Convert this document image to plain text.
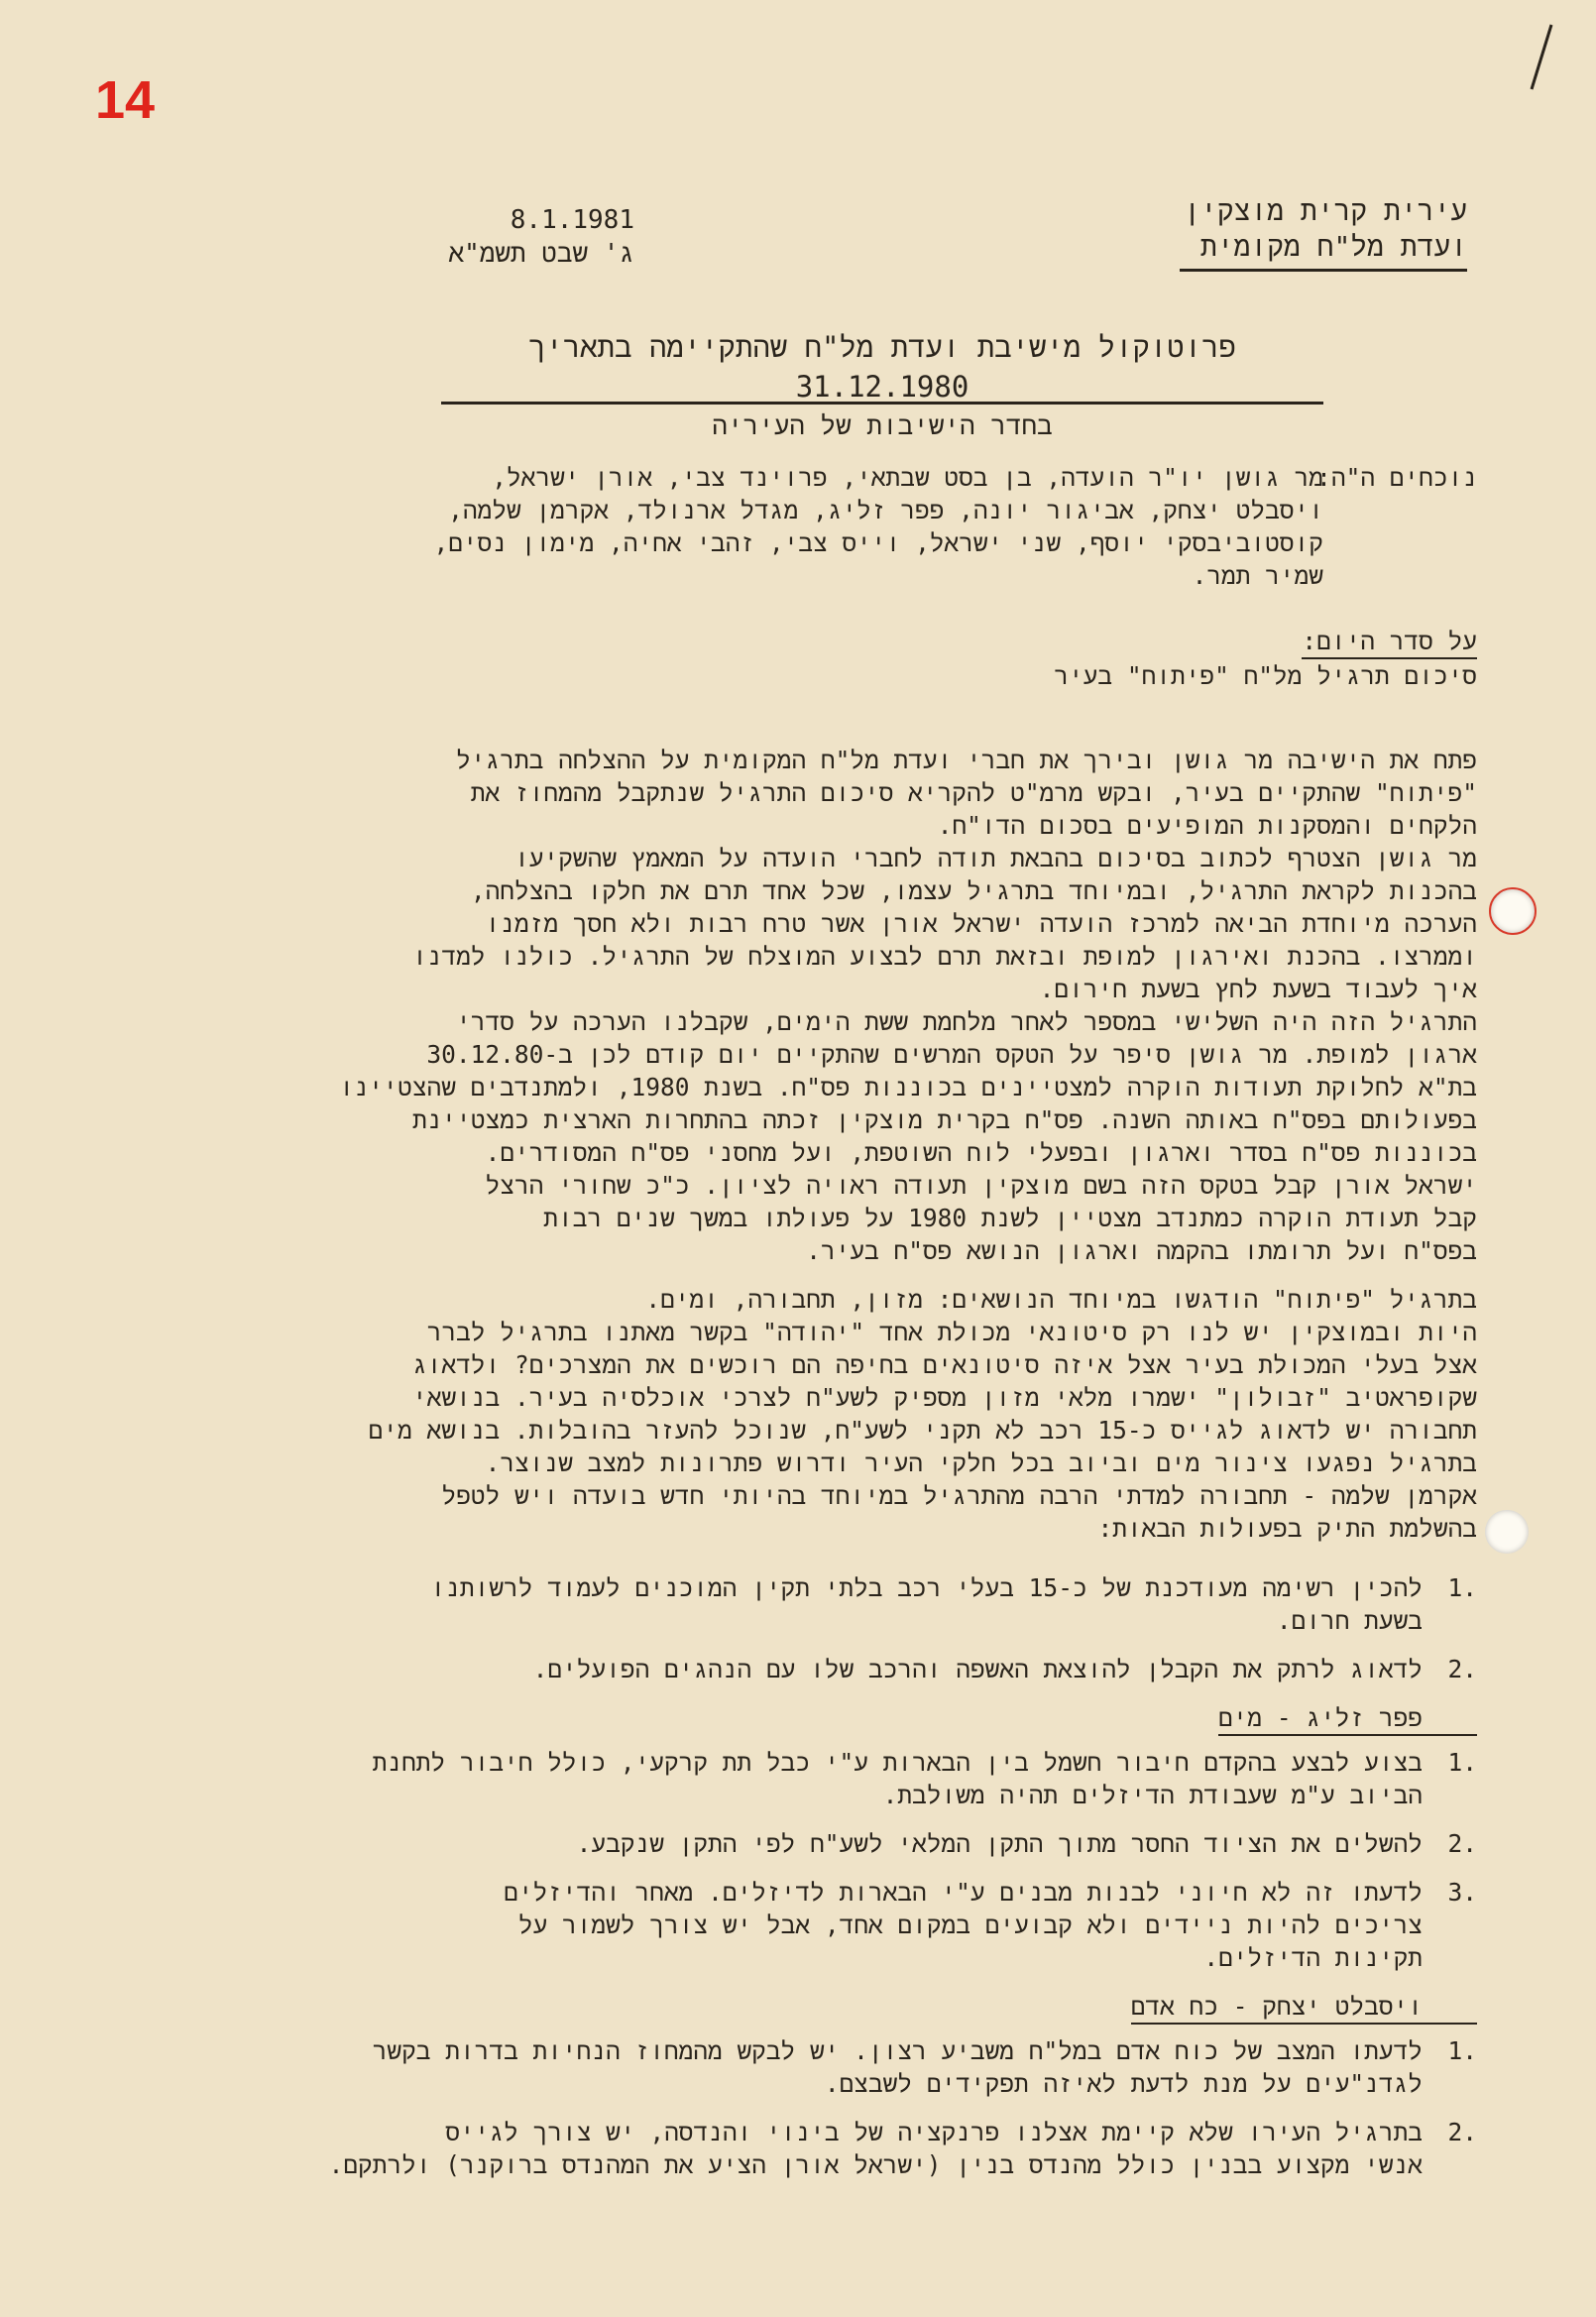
14
8.1.1981
ג' שבט תשמ"א
עירית קרית מוצקין
ועדת מל"ח מקומית
פרוטוקול מישיבת ועדת מל"ח שהתקיימה בתאריך 31.12.1980
בחדר הישיבות של העיריה
נוכחים ה"ה:
מר גושן יו"ר הועדה, בן בסט שבתאי, פרוינד צבי, אורן ישראל,
ויסבלט יצחק, אביגור יונה, פפר זליג, מגדל ארנולד, אקרמן שלמה,
קוסטוביבסקי יוסף, שני ישראל, וייס צבי, זהבי אחיה, מימון נסים,
שמיר תמר.
על סדר היום:
סיכום תרגיל מל"ח "פיתוח" בעיר
פתח את הישיבה מר גושן ובירך את חברי ועדת מל"ח המקומית על ההצלחה בתרגיל
"פיתוח" שהתקיים בעיר, ובקש מרמ"ט להקריא סיכום התרגיל שנתקבל מהמחוז את
הלקחים והמסקנות המופיעים בסכום הדו"ח.
מר גושן הצטרף לכתוב בסיכום בהבאת תודה לחברי הועדה על המאמץ שהשקיעו
בהכנות לקראת התרגיל, ובמיוחד בתרגיל עצמו, שכל אחד תרם את חלקו בהצלחה,
הערכה מיוחדת הביאה למרכז הועדה ישראל אורן אשר טרח רבות ולא חסך מזמנו
וממרצו. בהכנת ואירגון למופת ובזאת תרם לבצוע המוצלח של התרגיל. כולנו למדנו
איך לעבוד בשעת לחץ בשעת חירום.
התרגיל הזה היה השלישי במספר לאחר מלחמת ששת הימים, שקבלנו הערכה על סדרי
ארגון למופת. מר גושן סיפר על הטקס המרשים שהתקיים יום קודם לכן ב-30.12.80
בת"א לחלוקת תעודות הוקרה למצטיינים בכוננות פס"ח. בשנת 1980, ולמתנדבים שהצטיינו
בפעולותם בפס"ח באותה השנה. פס"ח בקרית מוצקין זכתה בהתחרות הארצית כמצטיינת
בכוננות פס"ח בסדר וארגון ובפעלי לוח השוטפת, ועל מחסני פס"ח המסודרים.
ישראל אורן קבל בטקס הזה בשם מוצקין תעודה ראויה לציון. כ"כ שחורי הרצל
קבל תעודת הוקרה כמתנדב מצטיין לשנת 1980 על פעולתו במשך שנים רבות
בפס"ח ועל תרומתו בהקמה וארגון הנושא פס"ח בעיר.
בתרגיל "פיתוח" הודגשו במיוחד הנושאים: מזון, תחבורה, ומים.
היות ובמוצקין יש לנו רק סיטונאי מכולת אחד "יהודה" בקשר מאתנו בתרגיל לברר
אצל בעלי המכולת בעיר אצל איזה סיטונאים בחיפה הם רוכשים את המצרכים? ולדאוג
שקופראטיב "זבולון" ישמרו מלאי מזון מספיק לשע"ח לצרכי אוכלסיה בעיר. בנושאי
תחבורה יש לדאוג לגייס כ-15 רכב לא תקני לשע"ח, שנוכל להעזר בהובלות. בנושא מים
בתרגיל נפגעו צינור מים וביוב בכל חלקי העיר ודרוש פתרונות למצב שנוצר.
אקרמן שלמה - תחבורה למדתי הרבה מהתרגיל במיוחד בהיותי חדש בועדה ויש לטפל
בהשלמת התיק בפעולות הבאות:
.1
להכין רשימה מעודכנת של כ-15 בעלי רכב בלתי תקין המוכנים לעמוד לרשותנו
בשעת חרום.
.2
לדאוג לרתק את הקבלן להוצאת האשפה והרכב שלו עם הנהגים הפועלים.
פפר זליג - מים
.1
בצוע לבצע בהקדם חיבור חשמל בין הבארות ע"י כבל תת קרקעי, כולל חיבור לתחנת
הביוב ע"מ שעבודת הדיזלים תהיה משולבת.
.2
להשלים את הציוד החסר מתוך התקן המלאי לשע"ח לפי התקן שנקבע.
.3
לדעתו זה לא חיוני לבנות מבנים ע"י הבארות לדיזלים. מאחר והדיזלים
צריכים להיות ניידים ולא קבועים במקום אחד, אבל יש צורך לשמור על
תקינות הדיזלים.
ויסבלט יצחק - כח אדם
.1
לדעתו המצב של כוח אדם במל"ח משביע רצון. יש לבקש מהמחוז הנחיות בדרות בקשר
לגדנ"עים על מנת לדעת לאיזה תפקידים לשבצם.
.2
בתרגיל העירו שלא קיימת אצלנו פרנקציה של בינוי והנדסה, יש צורך לגייס
אנשי מקצוע בבנין כולל מהנדס בנין (ישראל אורן הציע את המהנדס ברוקנר) ולרתקם.
